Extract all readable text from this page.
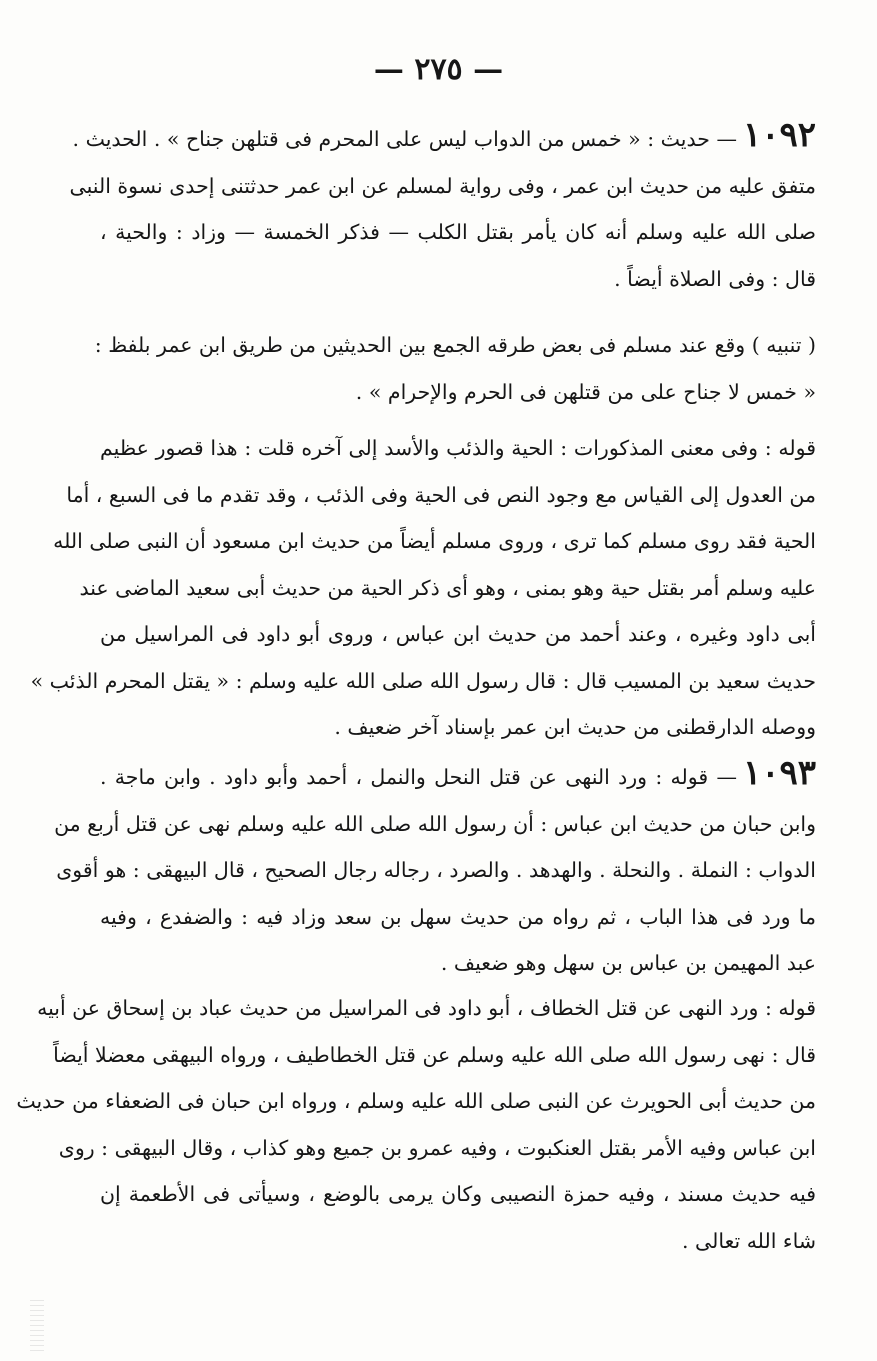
— ٢٧٥ —
١٠٩٢— حديث : « خمس من الدواب ليس على المحرم فى قتلهن جناح » . الحديث .
متفق عليه من حديث ابن عمر ، وفى رواية لمسلم عن ابن عمر حدثتنى إحدى نسوة النبى
صلى الله عليه وسلم أنه كان يأمر بقتل الكلب — فذكر الخمسة — وزاد : والحية ،
قال : وفى الصلاة أيضاً .
( تنبيه ) وقع عند مسلم فى بعض طرقه الجمع بين الحديثين من طريق ابن عمر بلفظ :
« خمس لا جناح على من قتلهن فى الحرم والإحرام » .
قوله : وفى معنى المذكورات : الحية والذئب والأسد إلى آخره قلت : هذا قصور عظيم
من العدول إلى القياس مع وجود النص فى الحية وفى الذئب ، وقد تقدم ما فى السبع ، أما
الحية فقد روى مسلم كما ترى ، وروى مسلم أيضاً من حديث ابن مسعود أن النبى صلى الله
عليه وسلم أمر بقتل حية وهو بمنى ، وهو أى ذكر الحية من حديث أبى سعيد الماضى عند
أبى داود وغيره ، وعند أحمد من حديث ابن عباس ، وروى أبو داود فى المراسيل من
حديث سعيد بن المسيب قال : قال رسول الله صلى الله عليه وسلم : « يقتل المحرم الذئب »
ووصله الدارقطنى من حديث ابن عمر بإسناد آخر ضعيف .
١٠٩٣— قوله : ورد النهى عن قتل النحل والنمل ، أحمد وأبو داود . وابن ماجة .
وابن حبان من حديث ابن عباس : أن رسول الله صلى الله عليه وسلم نهى عن قتل أربع من
الدواب : النملة . والنحلة . والهدهد . والصرد ، رجاله رجال الصحيح ، قال البيهقى : هو أقوى
ما ورد فى هذا الباب ، ثم رواه من حديث سهل بن سعد وزاد فيه : والضفدع ، وفيه
عبد المهيمن بن عباس بن سهل وهو ضعيف .
قوله : ورد النهى عن قتل الخطاف ، أبو داود فى المراسيل من حديث عباد بن إسحاق عن أبيه
قال : نهى رسول الله صلى الله عليه وسلم عن قتل الخطاطيف ، ورواه البيهقى معضلا أيضاً
من حديث أبى الحويرث عن النبى صلى الله عليه وسلم ، ورواه ابن حبان فى الضعفاء من حديث
ابن عباس وفيه الأمر بقتل العنكبوت ، وفيه عمرو بن جميع وهو كذاب ، وقال البيهقى : روى
فيه حديث مسند ، وفيه حمزة النصيبى وكان يرمى بالوضع ، وسيأتى فى الأطعمة إن
شاء الله تعالى .
